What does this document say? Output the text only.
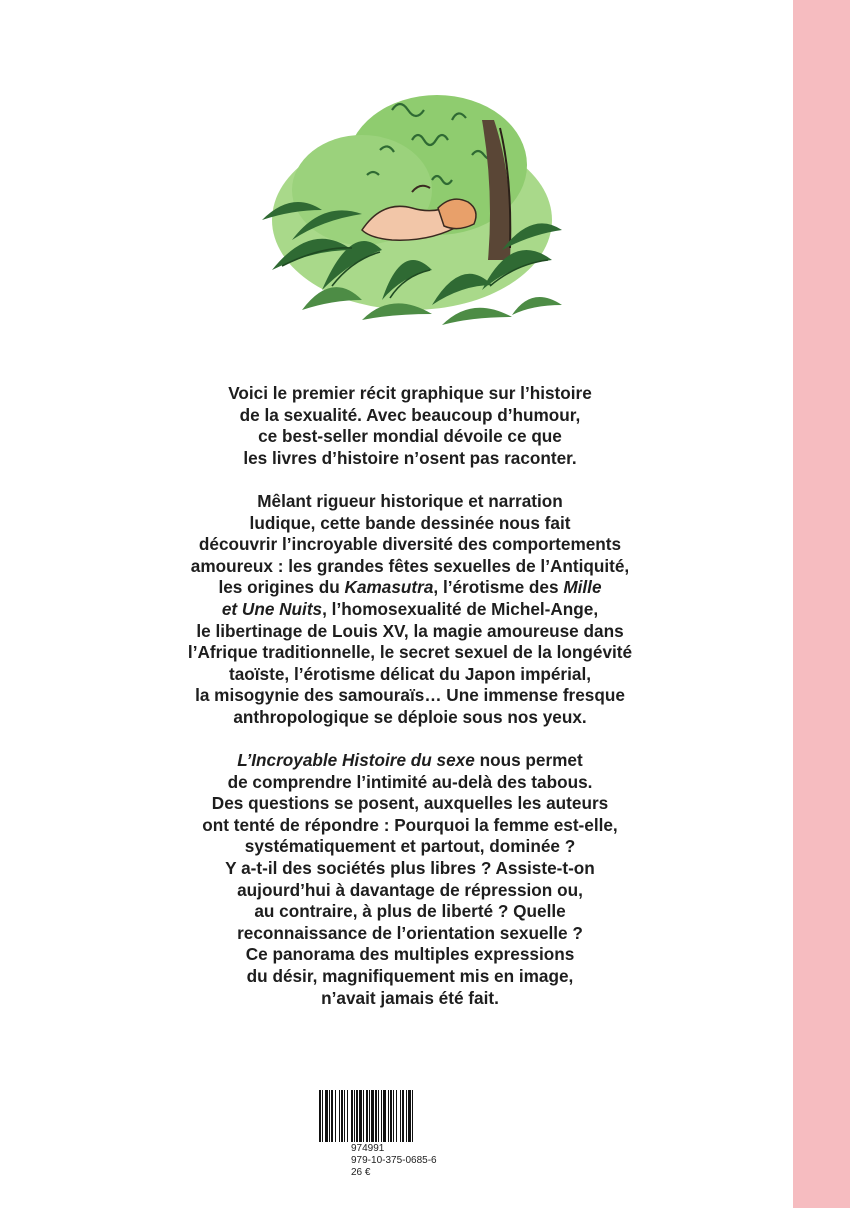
Voici le premier récit graphique sur l’histoire
de la sexualité. Avec beaucoup d’humour,
ce best-seller mondial dévoile ce que
les livres d’histoire n’osent pas raconter.

Mêlant rigueur historique et narration
ludique, cette bande dessinée nous fait
découvrir l’incroyable diversité des comportements
amoureux : les grandes fêtes sexuelles de l’Antiquité,
les origines du Kamasutra, l’érotisme des Mille
et Une Nuits, l’homosexualité de Michel-Ange,
le libertinage de Louis XV, la magie amoureuse dans
l’Afrique traditionnelle, le secret sexuel de la longévité
taoïste, l’érotisme délicat du Japon impérial,
la misogynie des samouraïs… Une immense fresque
anthropologique se déploie sous nos yeux.

L’Incroyable Histoire du sexe nous permet
de comprendre l’intimité au-delà des tabous.
Des questions se posent, auxquelles les auteurs
ont tenté de répondre : Pourquoi la femme est-elle,
systématiquement et partout, dominée ?
Y a-t-il des sociétés plus libres ? Assiste-t-on
aujourd’hui à davantage de répression ou,
au contraire, à plus de liberté ? Quelle
reconnaissance de l’orientation sexuelle ?
Ce panorama des multiples expressions
du désir, magnifiquement mis en image,
n’avait jamais été fait.

974991
979-10-375-0685-6
26 €
